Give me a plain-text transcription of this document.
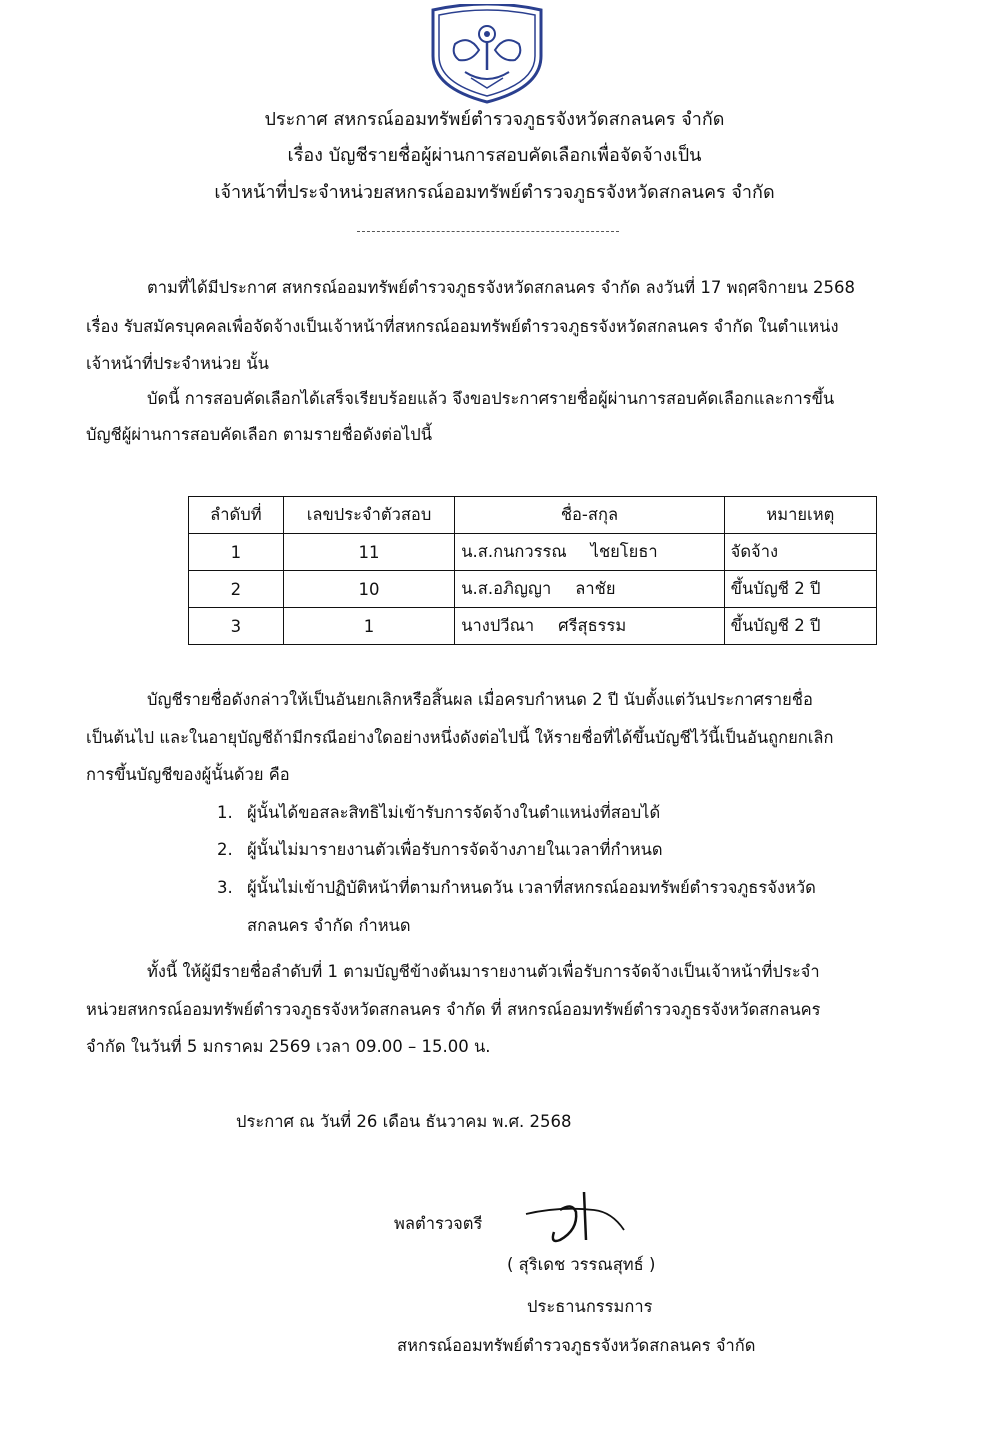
ประกาศ สหกรณ์ออมทรัพย์ตำรวจภูธรจังหวัดสกลนคร จำกัด
เรื่อง บัญชีรายชื่อผู้ผ่านการสอบคัดเลือกเพื่อจัดจ้างเป็น
เจ้าหน้าที่ประจำหน่วยสหกรณ์ออมทรัพย์ตำรวจภูธรจังหวัดสกลนคร จำกัด
ตามที่ได้มีประกาศ สหกรณ์ออมทรัพย์ตำรวจภูธรจังหวัดสกลนคร จำกัด ลงวันที่ 17 พฤศจิกายน 2568
เรื่อง รับสมัครบุคคลเพื่อจัดจ้างเป็นเจ้าหน้าที่สหกรณ์ออมทรัพย์ตำรวจภูธรจังหวัดสกลนคร จำกัด ในตำแหน่ง
เจ้าหน้าที่ประจำหน่วย นั้น
บัดนี้ การสอบคัดเลือกได้เสร็จเรียบร้อยแล้ว จึงขอประกาศรายชื่อผู้ผ่านการสอบคัดเลือกและการขึ้น
บัญชีผู้ผ่านการสอบคัดเลือก ตามรายชื่อดังต่อไปนี้
ลำดับที่	เลขประจำตัวสอบ	ชื่อ-สกุล	หมายเหตุ
1	11	น.ส.กนกวรรณ ไชยโยธา	จัดจ้าง
2	10	น.ส.อภิญญา ลาชัย	ขึ้นบัญชี 2 ปี
3	1	นางปวีณา ศรีสุธรรม	ขึ้นบัญชี 2 ปี
บัญชีรายชื่อดังกล่าวให้เป็นอันยกเลิกหรือสิ้นผล เมื่อครบกำหนด 2 ปี นับตั้งแต่วันประกาศรายชื่อ
เป็นต้นไป และในอายุบัญชีถ้ามีกรณีอย่างใดอย่างหนึ่งดังต่อไปนี้ ให้รายชื่อที่ได้ขึ้นบัญชีไว้นี้เป็นอันถูกยกเลิก
การขึ้นบัญชีของผู้นั้นด้วย คือ
1. ผู้นั้นได้ขอสละสิทธิไม่เข้ารับการจัดจ้างในตำแหน่งที่สอบได้
2. ผู้นั้นไม่มารายงานตัวเพื่อรับการจัดจ้างภายในเวลาที่กำหนด
3. ผู้นั้นไม่เข้าปฏิบัติหน้าที่ตามกำหนดวัน เวลาที่สหกรณ์ออมทรัพย์ตำรวจภูธรจังหวัด
สกลนคร จำกัด กำหนด
ทั้งนี้ ให้ผู้มีรายชื่อลำดับที่ 1 ตามบัญชีข้างต้นมารายงานตัวเพื่อรับการจัดจ้างเป็นเจ้าหน้าที่ประจำ
หน่วยสหกรณ์ออมทรัพย์ตำรวจภูธรจังหวัดสกลนคร จำกัด ที่ สหกรณ์ออมทรัพย์ตำรวจภูธรจังหวัดสกลนคร
จำกัด ในวันที่ 5 มกราคม 2569 เวลา 09.00 – 15.00 น.
ประกาศ ณ วันที่ 26 เดือน ธันวาคม พ.ศ. 2568
พลตำรวจตรี
( สุริเดช วรรณสุทธ์ )
ประธานกรรมการ
สหกรณ์ออมทรัพย์ตำรวจภูธรจังหวัดสกลนคร จำกัด
